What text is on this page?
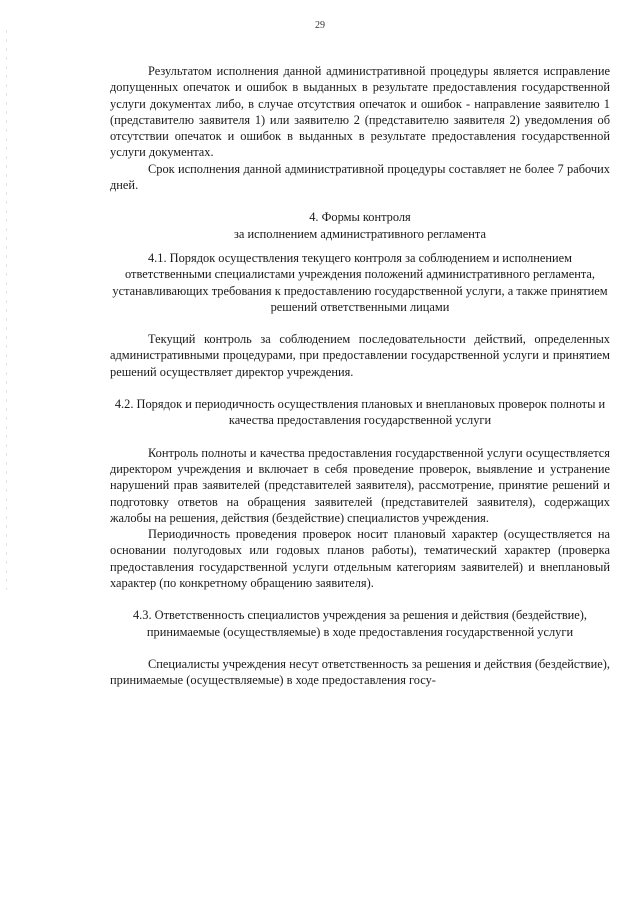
29

Результатом исполнения данной административной процедуры является исправление допущенных опечаток и ошибок в выданных в результате предоставления государственной услуги документах либо, в случае отсутствия опечаток и ошибок - направление заявителю 1 (представителю заявителя 1) или заявителю 2 (представителю заявителя 2) уведомления об отсутствии опечаток и ошибок в выданных в результате предоставления государственной услуги документах.

Срок исполнения данной административной процедуры составляет не более 7 рабочих дней.

4. Формы контроля

за исполнением административного регламента

4.1. Порядок осуществления текущего контроля за соблюдением и исполнением ответственными специалистами учреждения положений административного регламента, устанавливающих требования к предоставлению государственной услуги, а также принятием решений ответственными лицами

Текущий контроль за соблюдением последовательности действий, определенных административными процедурами, при предоставлении государственной услуги и принятием решений осуществляет директор учреждения.

4.2. Порядок и периодичность осуществления плановых и внеплановых проверок полноты и качества предоставления государственной услуги

Контроль полноты и качества предоставления государственной услуги осуществляется директором учреждения и включает в себя проведение проверок, выявление и устранение нарушений прав заявителей (представителей заявителя), рассмотрение, принятие решений и подготовку ответов на обращения заявителей (представителей заявителя), содержащих жалобы на решения, действия (бездействие) специалистов учреждения.

Периодичность проведения проверок носит плановый характер (осуществляется на основании полугодовых или годовых планов работы), тематический характер (проверка предоставления государственной услуги отдельным категориям заявителей) и внеплановый характер (по конкретному обращению заявителя).

4.3. Ответственность специалистов учреждения за решения и действия (бездействие), принимаемые (осуществляемые) в ходе предоставления государственной услуги

Специалисты учреждения несут ответственность за решения и действия (бездействие), принимаемые (осуществляемые) в ходе предоставления госу-
